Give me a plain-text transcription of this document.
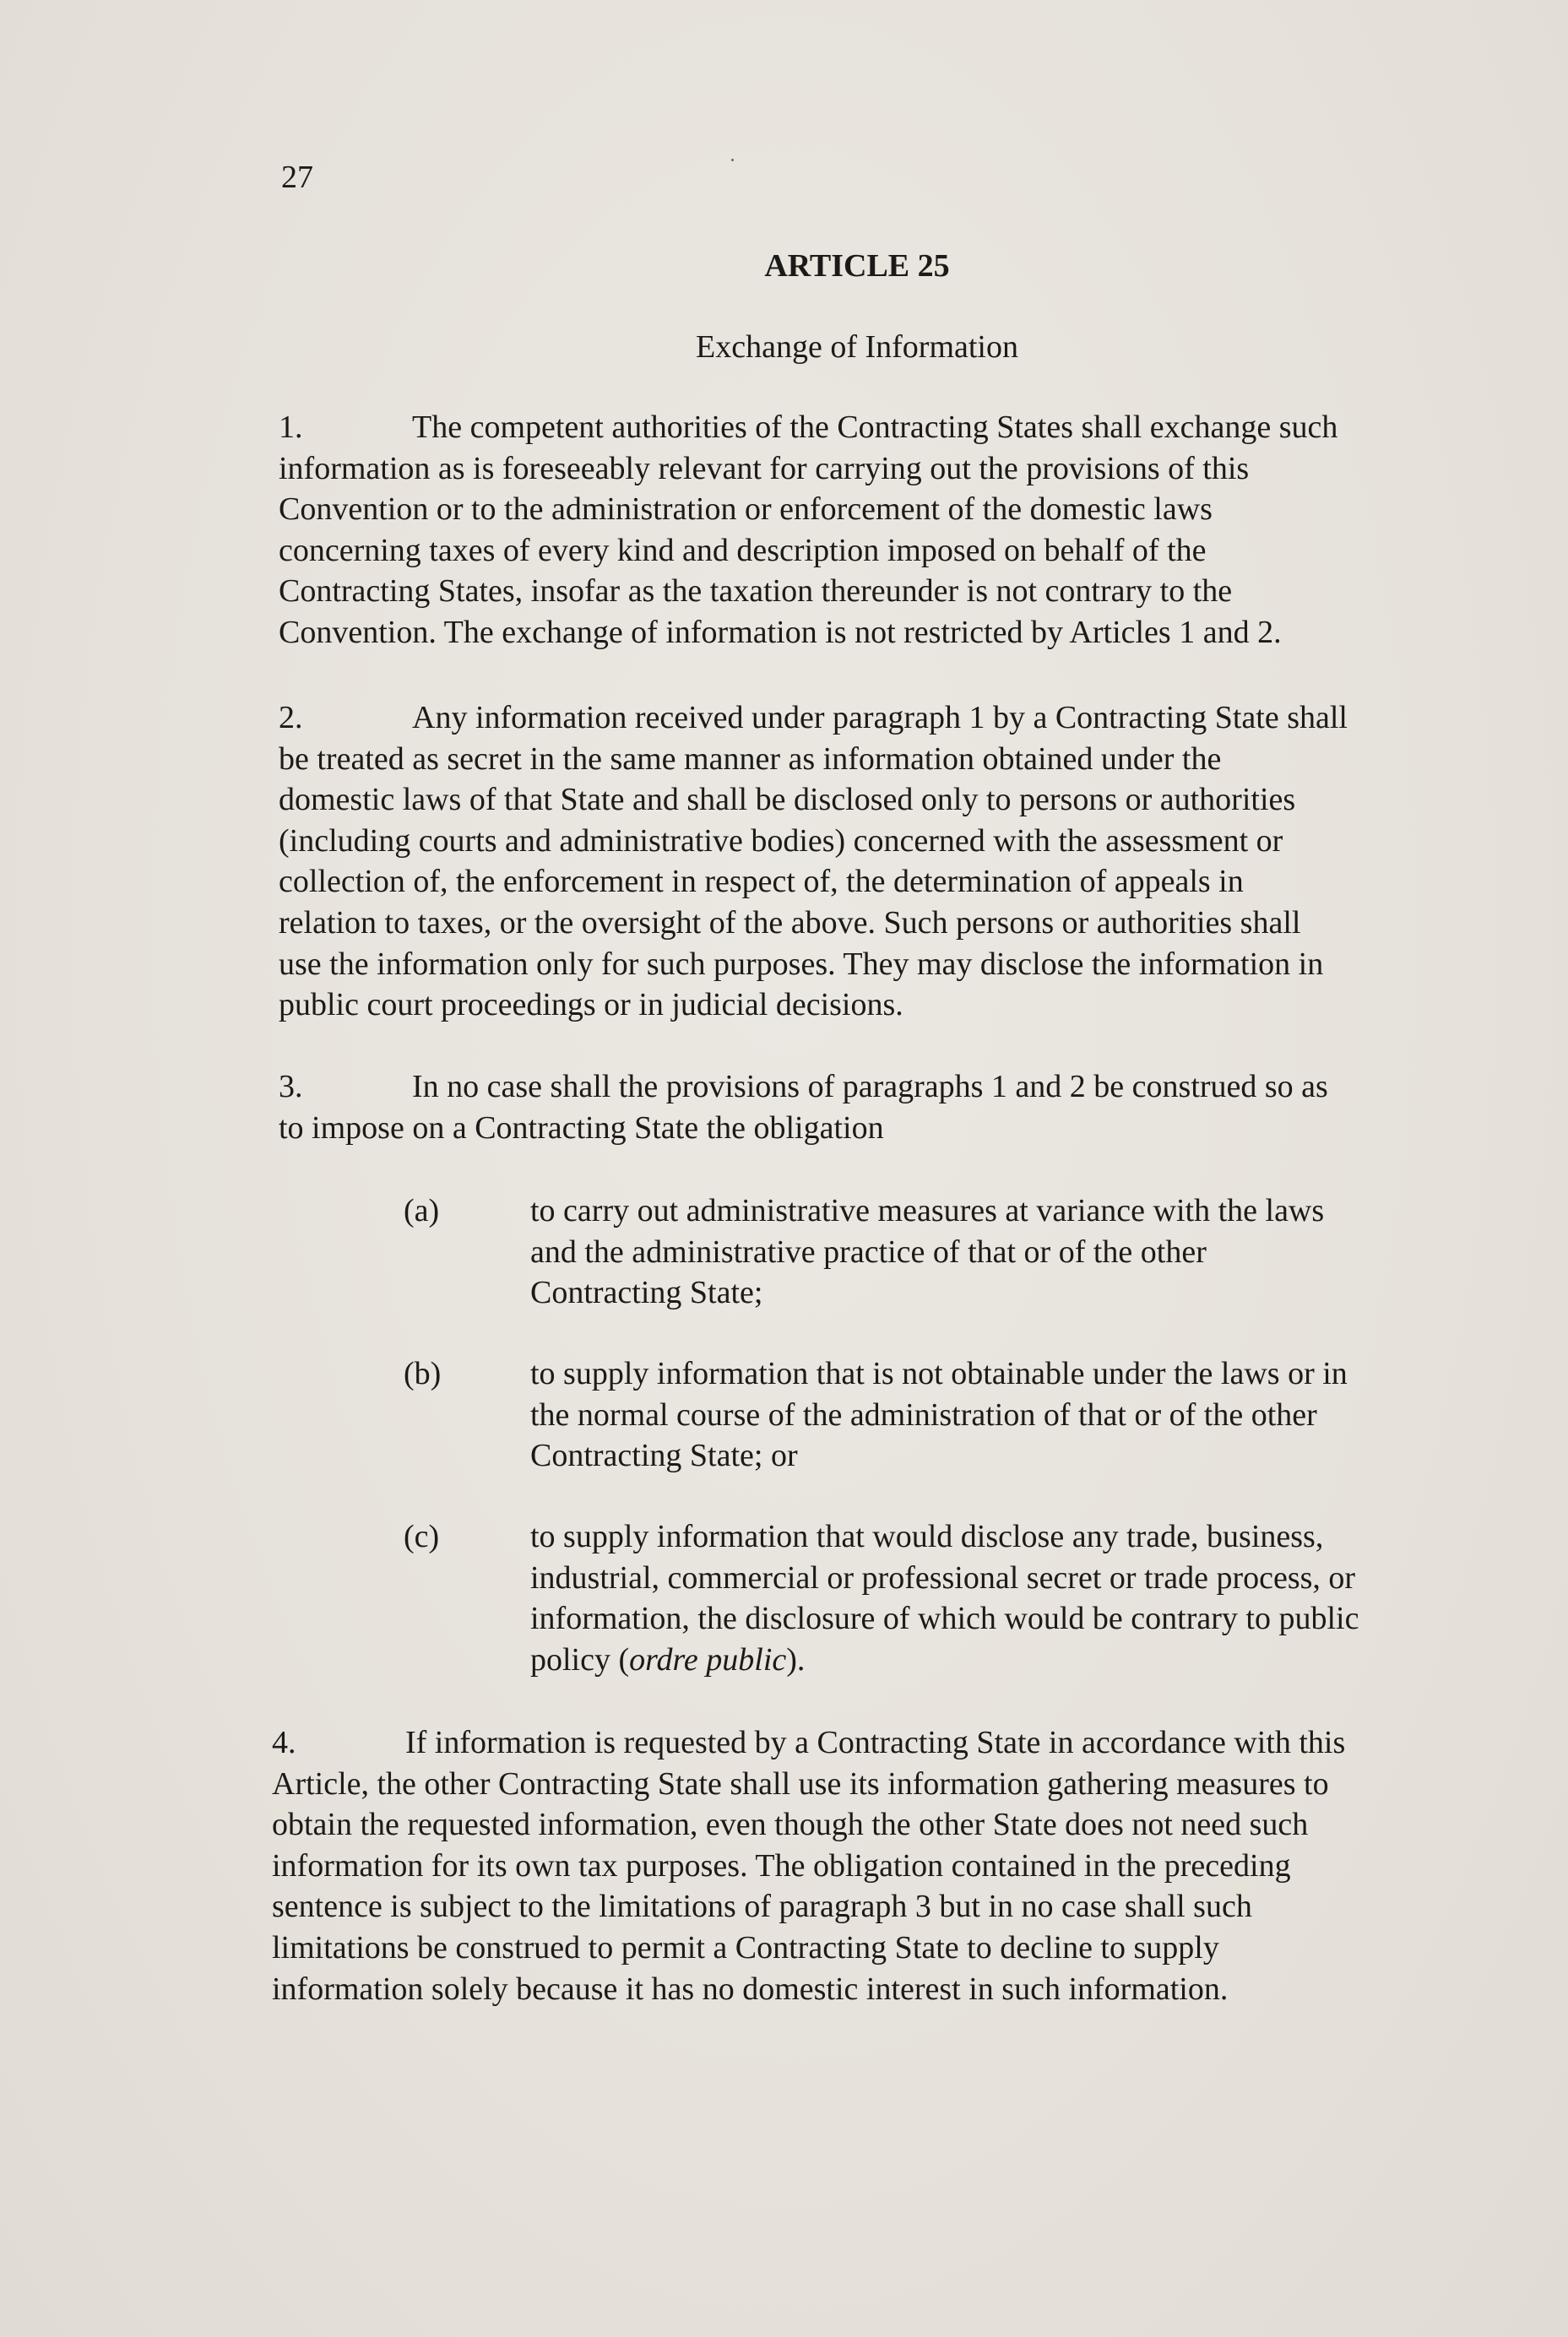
27
ARTICLE 25
Exchange of Information
1.	The competent authorities of the Contracting States shall exchange such
information as is foreseeably relevant for carrying out the provisions of this
Convention or to the administration or enforcement of the domestic laws
concerning taxes of every kind and description imposed on behalf of the
Contracting States, insofar as the taxation thereunder is not contrary to the
Convention. The exchange of information is not restricted by Articles 1 and 2.
2.	Any information received under paragraph 1 by a Contracting State shall
be treated as secret in the same manner as information obtained under the
domestic laws of that State and shall be disclosed only to persons or authorities
(including courts and administrative bodies) concerned with the assessment or
collection of, the enforcement in respect of, the determination of appeals in
relation to taxes, or the oversight of the above. Such persons or authorities shall
use the information only for such purposes. They may disclose the information in
public court proceedings or in judicial decisions.
3.	In no case shall the provisions of paragraphs 1 and 2 be construed so as
to impose on a Contracting State the obligation
(a)	to carry out administrative measures at variance with the laws
and the administrative practice of that or of the other
Contracting State;
(b)	to supply information that is not obtainable under the laws or in
the normal course of the administration of that or of the other
Contracting State; or
(c)	to supply information that would disclose any trade, business,
industrial, commercial or professional secret or trade process, or
information, the disclosure of which would be contrary to public
policy (ordre public).
4.	If information is requested by a Contracting State in accordance with this
Article, the other Contracting State shall use its information gathering measures to
obtain the requested information, even though the other State does not need such
information for its own tax purposes. The obligation contained in the preceding
sentence is subject to the limitations of paragraph 3 but in no case shall such
limitations be construed to permit a Contracting State to decline to supply
information solely because it has no domestic interest in such information.
